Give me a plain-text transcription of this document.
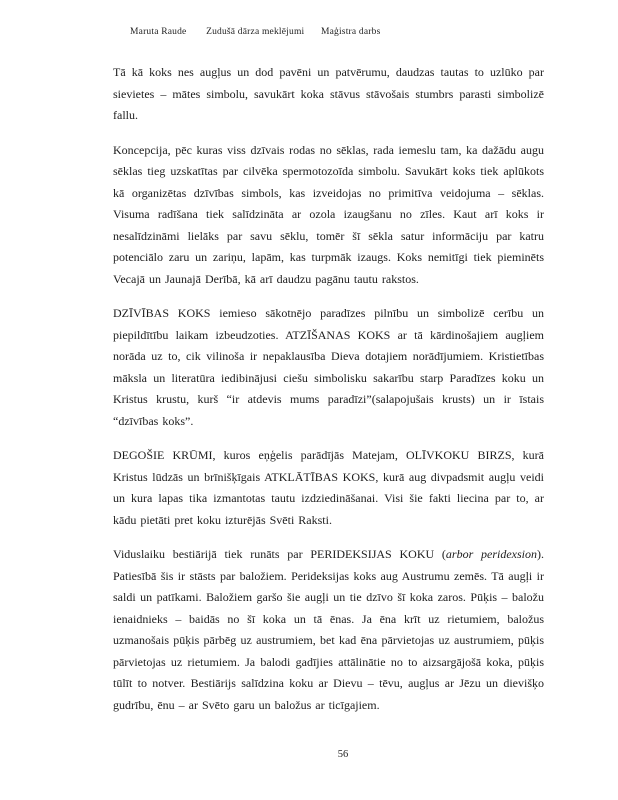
Maruta Raude Zudušā dārza meklējumi Maģistra darbs

Tā kā koks nes augļus un dod pavēni un patvērumu, daudzas tautas to uzlūko par sievietes – mātes simbolu, savukārt koka stāvus stāvošais stumbrs parasti simbolizē fallu.

Koncepcija, pēc kuras viss dzīvais rodas no sēklas, rada iemeslu tam, ka dažādu augu sēklas tieg uzskatītas par cilvēka spermotozoīda simbolu. Savukārt koks tiek aplūkots kā organizētas dzīvības simbols, kas izveidojas no primitīva veidojuma – sēklas. Visuma radīšana tiek salīdzināta ar ozola izaugšanu no zīles. Kaut arī koks ir nesalīdzināmi lielāks par savu sēklu, tomēr šī sēkla satur informāciju par katru potenciālo zaru un zariņu, lapām, kas turpmāk izaugs. Koks nemitīgi tiek pieminēts Vecajā un Jaunajā Derībā, kā arī daudzu pagānu tautu rakstos.

DZĪVĪBAS KOKS iemieso sākotnējo paradīzes pilnību un simbolizē cerību un piepildītību laikam izbeudzoties. ATZĪŠANAS KOKS ar tā kārdinošajiem augļiem norāda uz to, cik vilinoša ir nepaklausība Dieva dotajiem norādījumiem. Kristietības māksla un literatūra iedibinājusi ciešu simbolisku sakarību starp Paradīzes koku un Kristus krustu, kurš “ir atdevis mums paradīzi”(salapojušais krusts) un ir īstais “dzīvības koks”.

DEGOŠIE KRŪMI, kuros eņģelis parādījās Matejam, OLĪVKOKU BIRZS, kurā Kristus lūdzās un brīnišķīgais ATKLĀTĪBAS KOKS, kurā aug divpadsmit augļu veidi un kura lapas tika izmantotas tautu izdziedināšanai. Visi šie fakti liecina par to, ar kādu pietāti pret koku izturējās Svēti Raksti.

Viduslaiku bestiārijā tiek runāts par PERIDEKSIJAS KOKU (arbor peridexsion). Patiesībā šis ir stāsts par baložiem. Perideksijas koks aug Austrumu zemēs. Tā augļi ir saldi un patīkami. Baložiem garšo šie augļi un tie dzīvo šī koka zaros. Pūķis – baložu ienaidnieks – baidās no šī koka un tā ēnas. Ja ēna krīt uz rietumiem, baložus uzmanošais pūķis pārbēg uz austrumiem, bet kad ēna pārvietojas uz austrumiem, pūķis pārvietojas uz rietumiem. Ja balodi gadījies attālinātie no to aizsargājošā koka, pūķis tūlīt to notver. Bestiārijs salīdzina koku ar Dievu – tēvu, augļus ar Jēzu un dievišķo gudrību, ēnu – ar Svēto garu un baložus ar ticīgajiem.

56
